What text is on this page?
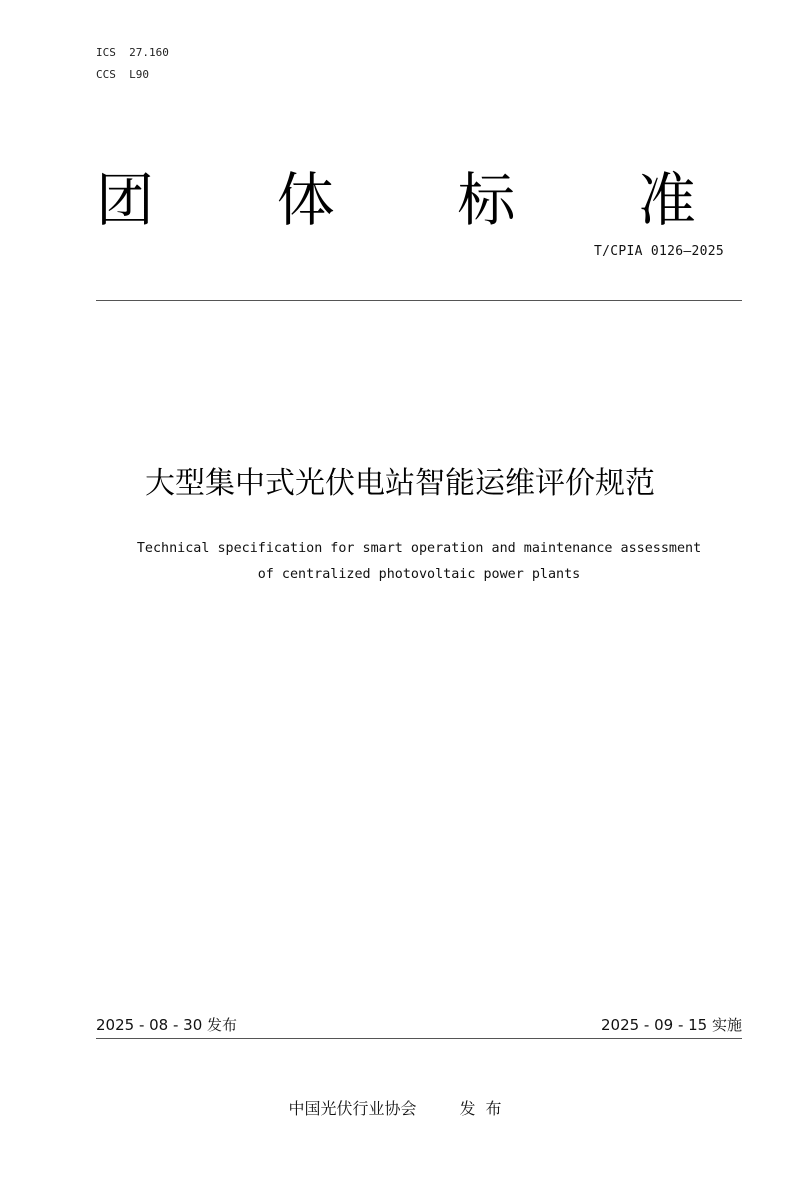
ICS  27.160
CCS  L90
团 体 标 准
T/CPIA 0126—2025
大型集中式光伏电站智能运维评价规范
Technical specification for smart operation and maintenance assessment
of centralized photovoltaic power plants
2025 - 08 - 30 发布	2025 - 09 - 15 实施
中国光伏行业协会	发布
